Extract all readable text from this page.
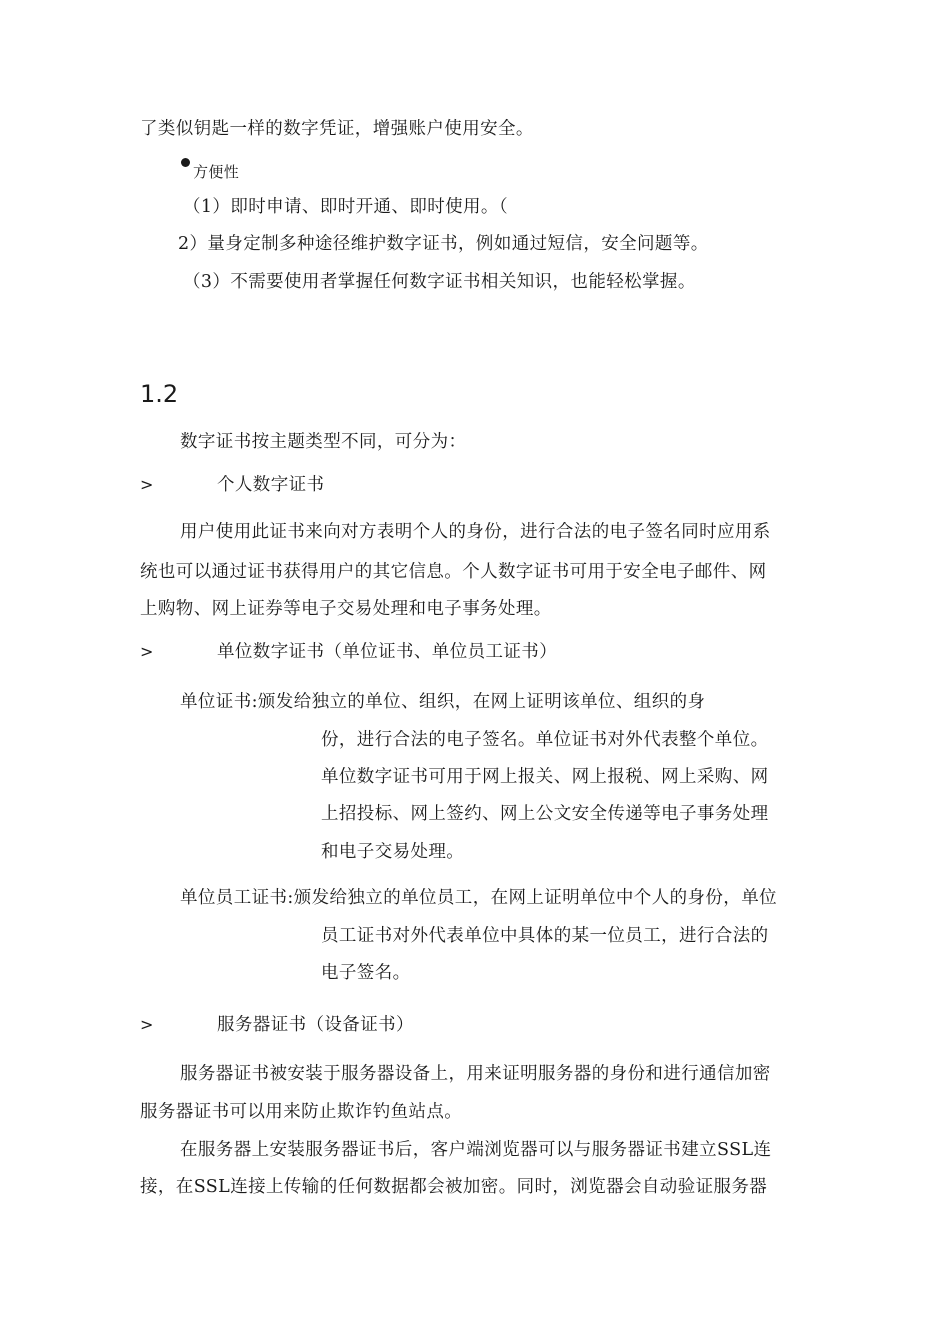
了类似钥匙一样的数字凭证，增强账户使用安全。
方便性
（1）即时申请、即时开通、即时使用。（
2）量身定制多种途径维护数字证书，例如通过短信，安全问题等。
（3）不需要使用者掌握任何数字证书相关知识，也能轻松掌握。
1.2
数字证书按主题类型不同，可分为：
>	个人数字证书
用户使用此证书来向对方表明个人的身份，进行合法的电子签名同时应用系
统也可以通过证书获得用户的其它信息。个人数字证书可用于安全电子邮件、网
上购物、网上证券等电子交易处理和电子事务处理。
>	单位数字证书（单位证书、单位员工证书）
单位证书:颁发给独立的单位、组织，在网上证明该单位、组织的身
份，进行合法的电子签名。单位证书对外代表整个单位。
单位数字证书可用于网上报关、网上报税、网上采购、网
上招投标、网上签约、网上公文安全传递等电子事务处理
和电子交易处理。
单位员工证书:颁发给独立的单位员工，在网上证明单位中个人的身份，单位
员工证书对外代表单位中具体的某一位员工，进行合法的
电子签名。
>	服务器证书（设备证书）
服务器证书被安装于服务器设备上，用来证明服务器的身份和进行通信加密
服务器证书可以用来防止欺诈钓鱼站点。
在服务器上安装服务器证书后，客户端浏览器可以与服务器证书建立SSL连
接，在SSL连接上传输的任何数据都会被加密。同时，浏览器会自动验证服务器
